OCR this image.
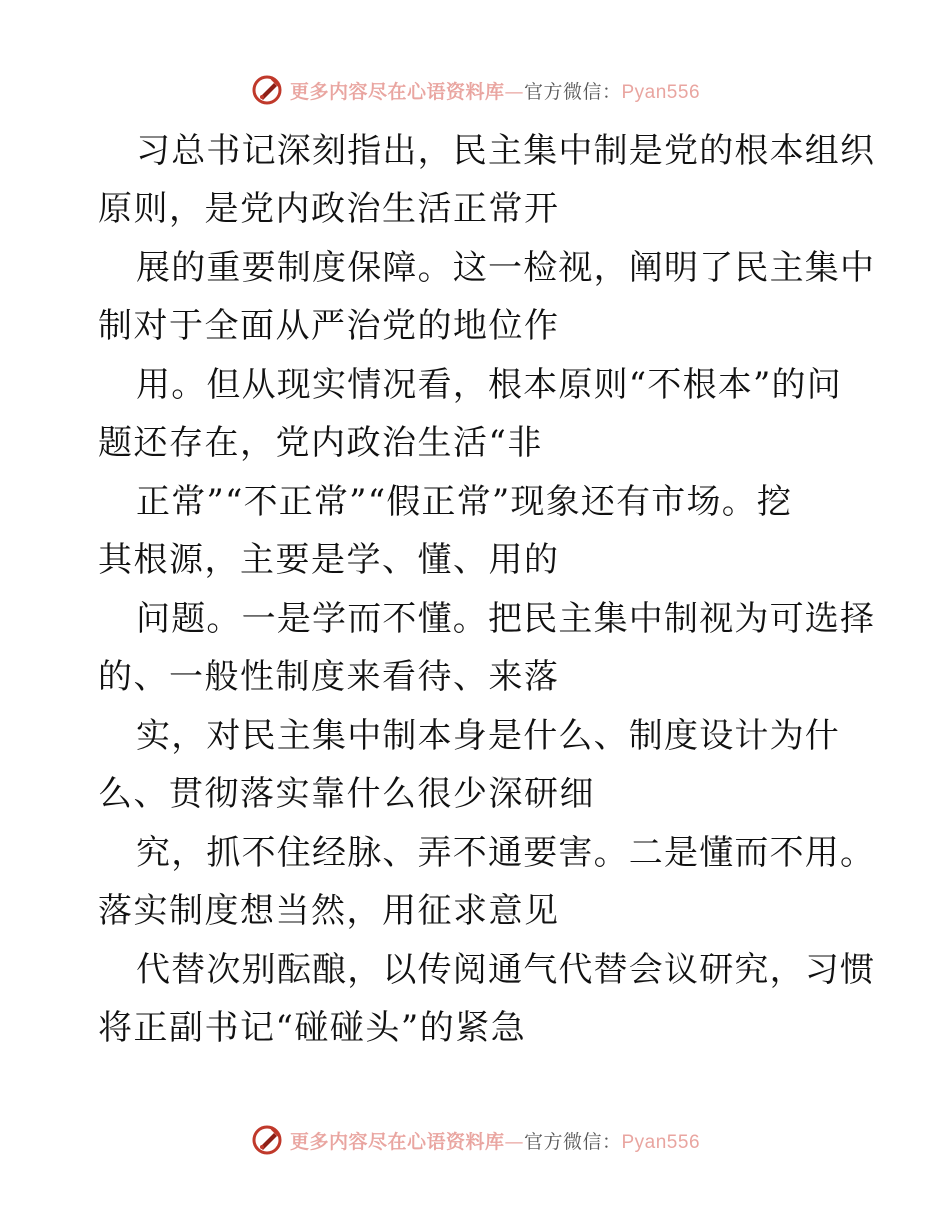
更多内容尽在心语资料库—官方微信：Pyan556
习总书记深刻指出，民主集中制是党的根本组织
原则，是党内政治生活正常开
展的重要制度保障。这一检视，阐明了民主集中
制对于全面从严治党的地位作
用。但从现实情况看，根本原则“不根本”的问
题还存在，党内政治生活“非
正常”“不正常”“假正常”现象还有市场。挖
其根源，主要是学、懂、用的
问题。一是学而不懂。把民主集中制视为可选择
的、一般性制度来看待、来落
实，对民主集中制本身是什么、制度设计为什
么、贯彻落实靠什么很少深研细
究，抓不住经脉、弄不通要害。二是懂而不用。
落实制度想当然，用征求意见
代替次别酝酿，以传阅通气代替会议研究，习惯
将正副书记“碰碰头”的紧急
更多内容尽在心语资料库—官方微信：Pyan556
